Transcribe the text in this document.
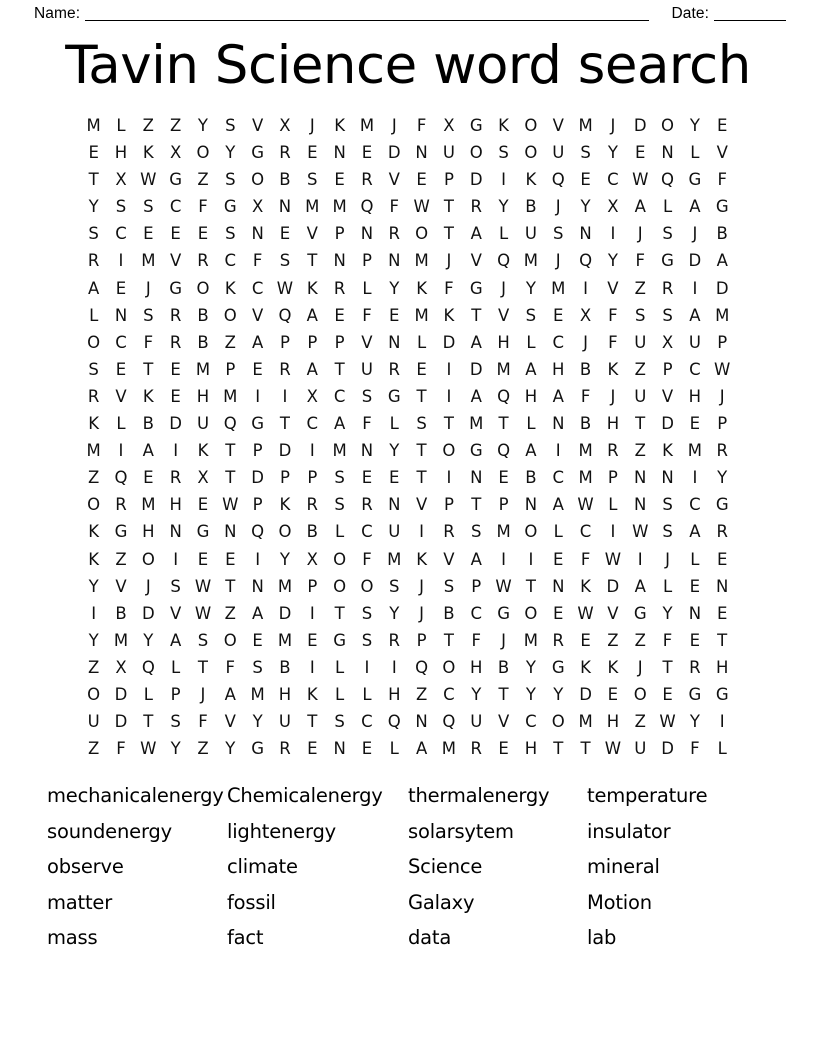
Name:	Date:
Tavin Science word search
M L	Z Z	Y	S V X	J	K M	J	F	X G K O V M	J	D O Y	E
E H K X O Y G R E N E D N U O S O U S	Y	E N	L	V
T	X W G Z S O B S	E R V E	P D	I	K Q E C W Q G F
Y	S	S C	F G X N M M Q F W T	R	Y	B	J	Y	X A	L	A G
S C E	E	E	S N E V	P N R O T	A	L	U S N	I	J	S	J	B
R	I	M V R C	F	S	T N P N M	J	V Q M	J	Q Y	F G D A
A E	J	G O K C W K R	L	Y	K	F G	J	Y M	I	V Z R	I	D
L	N S R B O V Q A E	F	E M K	T	V S	E X	F	S	S A M
O C	F	R B Z A	P	P	P	V N	L D A H	L	C	J	F	U X U P
S	E	T	E M P	E R A	T U R E	I	D M A H B K Z	P	C W
R V K	E H M	I	I	X C S G T	I	A Q H A	F	J	U V H	J
K	L	B D U Q G T	C A	F	L	S	T M T	L	N B H T D E	P
M	I	A	I	K	T	P D	I	M N Y	T O G Q A	I	M R Z K M R
Z Q E R X	T D P	P	S	E	E	T	I	N E B C M P N N	I	Y
O R M H E W P	K R S R N V	P	T	P N A W L	N S C G
K G H N G N Q O B	L	C U	I	R S M O L	C	I	W S A R
K Z O	I	E	E	I	Y	X O F M K V A	I	I	E	F W	I	J	L	E
Y	V	J	S W T N M P O O S	J	S	P W T N K D A	L	E N
I	B D V W Z A D	I	T	S	Y	J	B C G O E W V G Y N E
Y M Y	A S O E M E G S R	P	T	F	J	M R E Z Z	F	E	T
Z X Q L	T	F	S B	I	L	I	I	Q O H B	Y G K	K	J	T	R H
O D L	P	J	A M H K	L	L	H Z C	Y	T	Y	Y D E O E G G
U D T	S	F	V	Y U T	S C Q N Q U V C O M H Z W Y	I
Z	F W Y	Z	Y G R E N E	L	A M R E H T	T W U D F	L
mechanicalenergy Chemicalenergy	thermalenergy	temperature
soundenergy	lightenergy	solarsytem	insulator
observe	climate	Science	mineral
matter	fossil	Galaxy	Motion
mass	fact	data	lab
